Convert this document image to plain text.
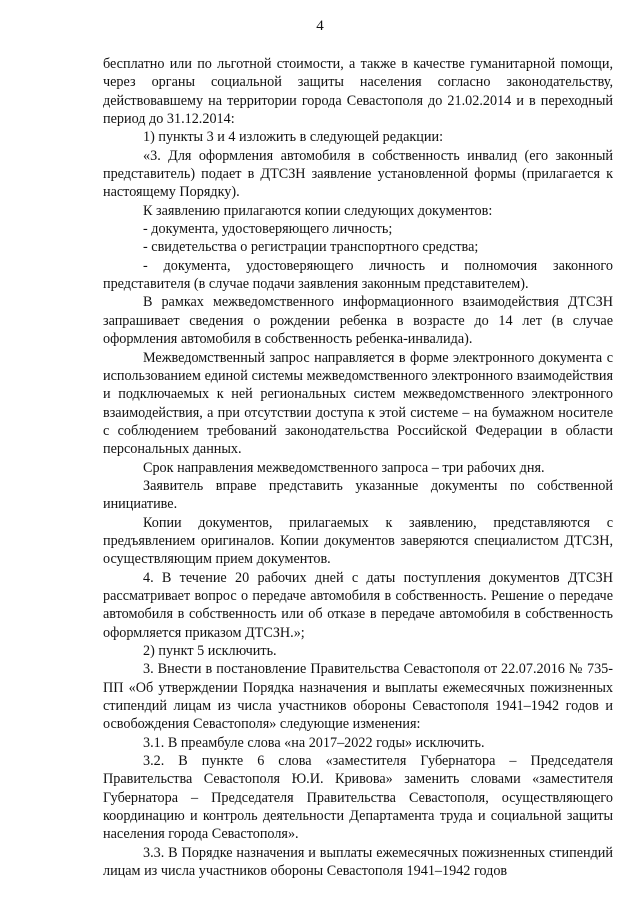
4

бесплатно или по льготной стоимости, а также в качестве гуманитарной помощи, через органы социальной защиты населения согласно законодательству, действовавшему на территории города Севастополя до 21.02.2014 и в переходный период до 31.12.2014:

1) пункты 3 и 4 изложить в следующей редакции:

«3. Для оформления автомобиля в собственность инвалид (его законный представитель) подает в ДТСЗН заявление установленной формы (прилагается к настоящему Порядку).

К заявлению прилагаются копии следующих документов:

- документа, удостоверяющего личность;

- свидетельства о регистрации транспортного средства;

- документа, удостоверяющего личность и полномочия законного представителя (в случае подачи заявления законным представителем).

В рамках межведомственного информационного взаимодействия ДТСЗН запрашивает сведения о рождении ребенка в возрасте до 14 лет (в случае оформления автомобиля в собственность ребенка-инвалида).

Межведомственный запрос направляется в форме электронного документа с использованием единой системы межведомственного электронного взаимодействия и подключаемых к ней региональных систем межведомственного электронного взаимодействия, а при отсутствии доступа к этой системе – на бумажном носителе с соблюдением требований законодательства Российской Федерации в области персональных данных.

Срок направления межведомственного запроса – три рабочих дня.

Заявитель вправе представить указанные документы по собственной инициативе.

Копии документов, прилагаемых к заявлению, представляются с предъявлением оригиналов. Копии документов заверяются специалистом ДТСЗН, осуществляющим прием документов.

4. В течение 20 рабочих дней с даты поступления документов ДТСЗН рассматривает вопрос о передаче автомобиля в собственность. Решение о передаче автомобиля в собственность или об отказе в передаче автомобиля в собственность оформляется приказом ДТСЗН.»;

2) пункт 5 исключить.

3. Внести в постановление Правительства Севастополя от 22.07.2016 № 735-ПП «Об утверждении Порядка назначения и выплаты ежемесячных пожизненных стипендий лицам из числа участников обороны Севастополя 1941–1942 годов и освобождения Севастополя» следующие изменения:

3.1. В преамбуле слова «на 2017–2022 годы» исключить.

3.2. В пункте 6 слова «заместителя Губернатора – Председателя Правительства Севастополя Ю.И. Кривова» заменить словами «заместителя Губернатора – Председателя Правительства Севастополя, осуществляющего координацию и контроль деятельности Департамента труда и социальной защиты населения города Севастополя».

3.3. В Порядке назначения и выплаты ежемесячных пожизненных стипендий лицам из числа участников обороны Севастополя 1941–1942 годов
